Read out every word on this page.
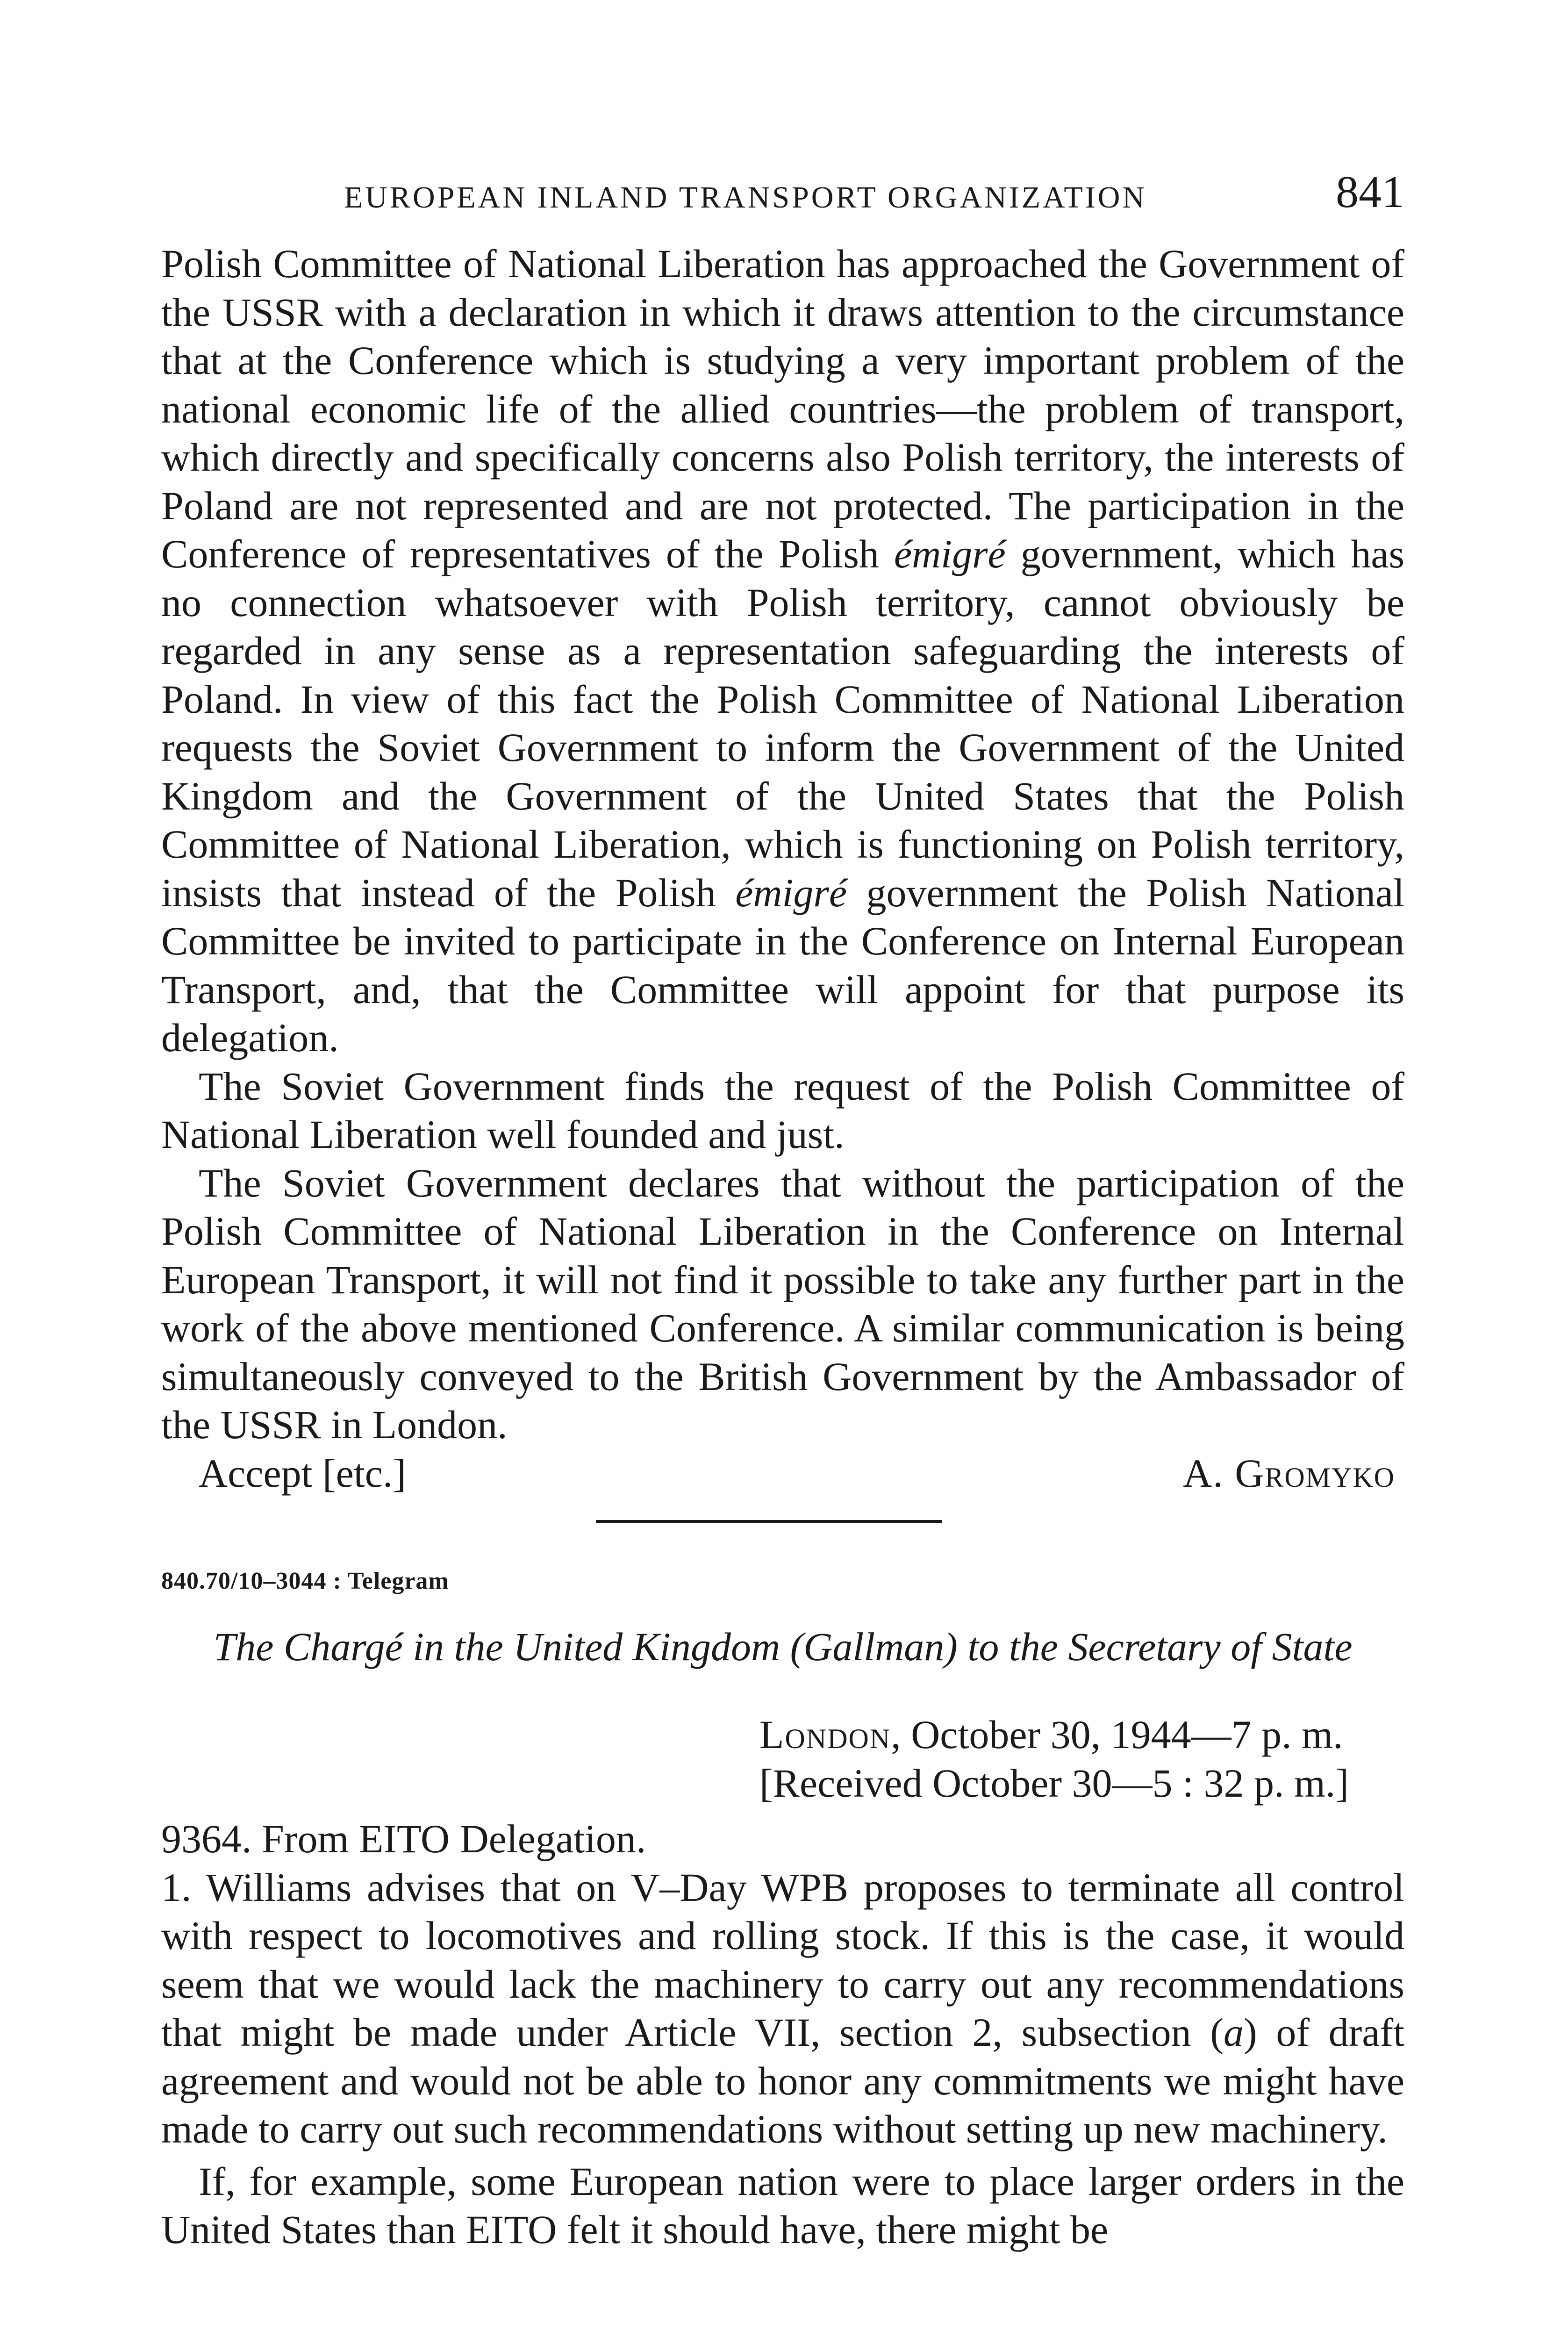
EUROPEAN INLAND TRANSPORT ORGANIZATION	841

Polish Committee of National Liberation has approached the Government of the USSR with a declaration in which it draws attention to the circumstance that at the Conference which is studying a very important problem of the national economic life of the allied countries—the problem of transport, which directly and specifically concerns also Polish territory, the interests of Poland are not represented and are not protected. The participation in the Conference of representatives of the Polish émigré government, which has no connection whatsoever with Polish territory, cannot obviously be regarded in any sense as a representation safeguarding the interests of Poland. In view of this fact the Polish Committee of National Liberation requests the Soviet Government to inform the Government of the United Kingdom and the Government of the United States that the Polish Committee of National Liberation, which is functioning on Polish territory, insists that instead of the Polish émigré government the Polish National Committee be invited to participate in the Conference on Internal European Transport, and, that the Committee will appoint for that purpose its delegation.

The Soviet Government finds the request of the Polish Committee of National Liberation well founded and just.

The Soviet Government declares that without the participation of the Polish Committee of National Liberation in the Conference on Internal European Transport, it will not find it possible to take any further part in the work of the above mentioned Conference. A similar communication is being simultaneously conveyed to the British Government by the Ambassador of the USSR in London.

Accept [etc.]	A. Gromyko
840.70/10–3044 : Telegram
The Chargé in the United Kingdom (Gallman) to the Secretary of State
London, October 30, 1944—7 p. m.
[Received October 30—5 : 32 p. m.]

9364. From EITO Delegation.

1. Williams advises that on V–Day WPB proposes to terminate all control with respect to locomotives and rolling stock. If this is the case, it would seem that we would lack the machinery to carry out any recommendations that might be made under Article VII, section 2, subsection (a) of draft agreement and would not be able to honor any commitments we might have made to carry out such recommendations without setting up new machinery.

If, for example, some European nation were to place larger orders in the United States than EITO felt it should have, there might be
